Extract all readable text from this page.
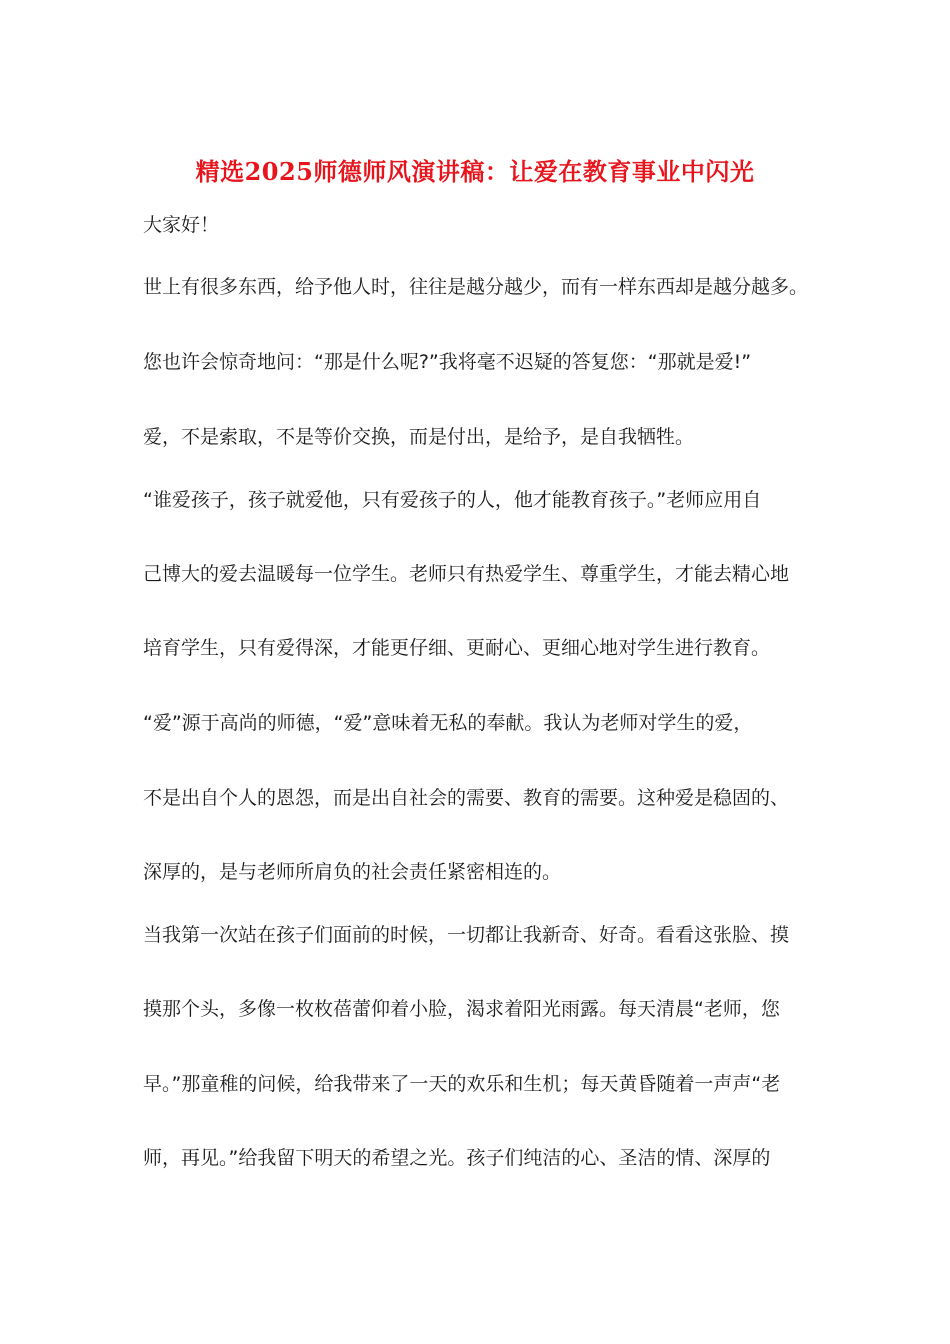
精选2025师德师风演讲稿：让爱在教育事业中闪光
大家好！
世上有很多东西，给予他人时，往往是越分越少，而有一样东西却是越分越多。
您也许会惊奇地问：“那是什么呢?”我将毫不迟疑的答复您：“那就是爱!”
爱，不是索取，不是等价交换，而是付出，是给予，是自我牺牲。
“谁爱孩子，孩子就爱他，只有爱孩子的人，他才能教育孩子。”老师应用自
己博大的爱去温暖每一位学生。老师只有热爱学生、尊重学生，才能去精心地
培育学生，只有爱得深，才能更仔细、更耐心、更细心地对学生进行教育。
“爱”源于高尚的师德，“爱”意味着无私的奉献。我认为老师对学生的爱，
不是出自个人的恩怨，而是出自社会的需要、教育的需要。这种爱是稳固的、
深厚的，是与老师所肩负的社会责任紧密相连的。
当我第一次站在孩子们面前的时候，一切都让我新奇、好奇。看看这张脸、摸
摸那个头，多像一枚枚蓓蕾仰着小脸，渴求着阳光雨露。每天清晨“老师，您
早。”那童稚的问候，给我带来了一天的欢乐和生机；每天黄昏随着一声声“老
师，再见。”给我留下明天的希望之光。孩子们纯洁的心、圣洁的情、深厚的
